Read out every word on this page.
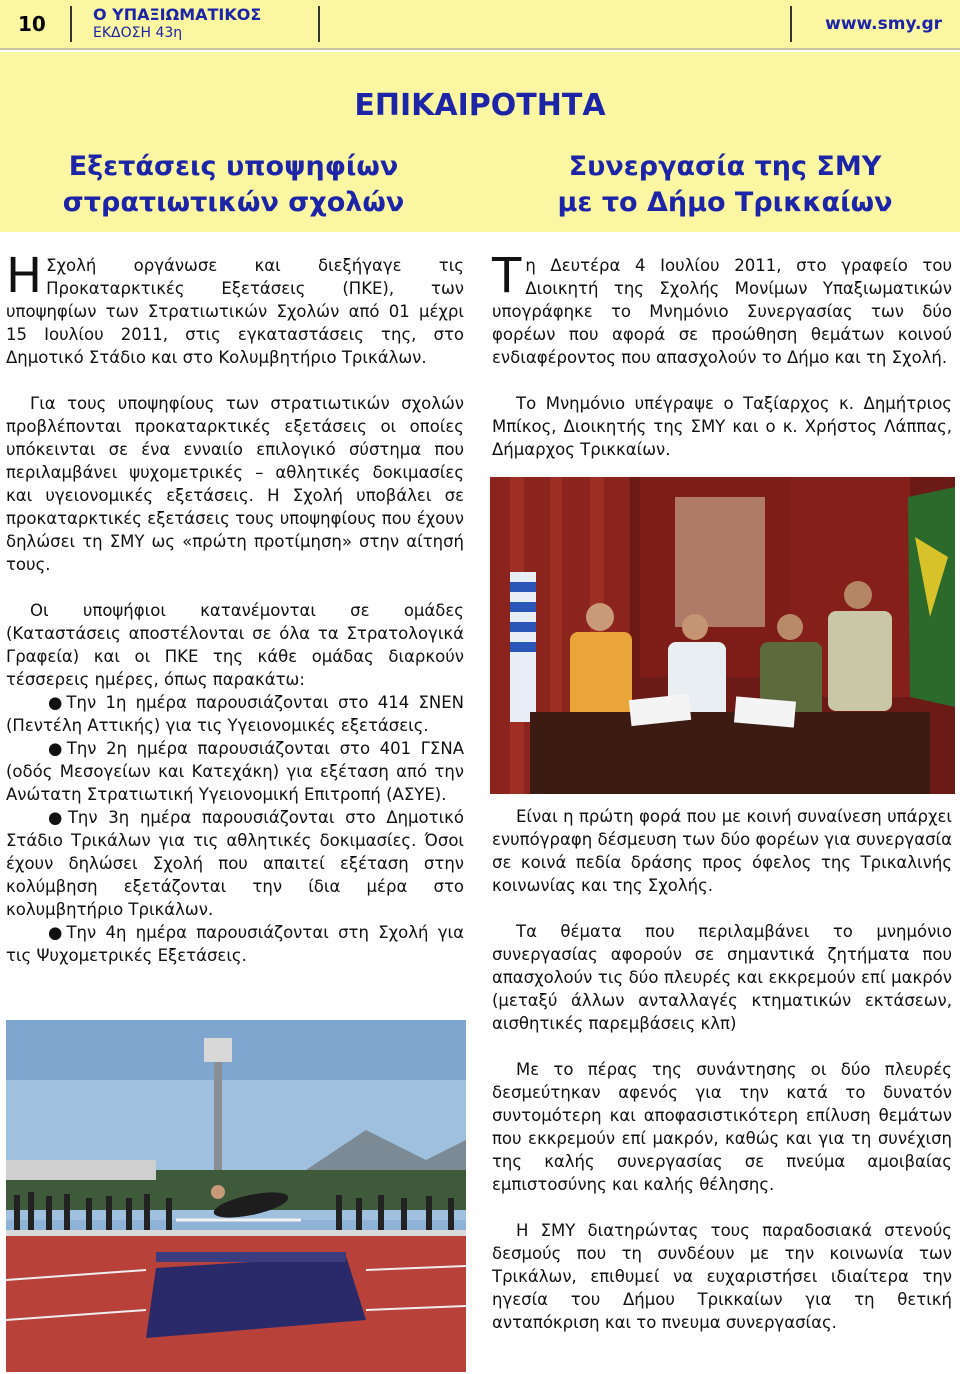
10	Ο ΥΠΑΞΙΩΜΑΤΙΚΟΣ
ΕΚΔΟΣΗ 43η	www.smy.gr
ΕΠΙΚΑΙΡΟΤΗΤΑ
Εξετάσεις υποψηφίων
στρατιωτικών σχολών
Συνεργασία της ΣΜΥ
με το Δήμο Τρικκαίων

Η Σχολή οργάνωσε και διεξήγαγε τις Προκαταρκτικές Εξετάσεις (ΠΚΕ), των υποψηφίων των Στρατιωτικών Σχολών από 01 μέχρι 15 Ιουλίου 2011, στις εγκαταστάσεις της, στο Δημοτικό Στάδιο και στο Κολυμβητήριο Τρικάλων.

Για τους υποψηφίους των στρατιωτικών σχολών προβλέπονται προκαταρκτικές εξετάσεις οι οποίες υπόκεινται σε ένα ενναιίο επιλογικό σύστημα που περιλαμβάνει ψυχομετρικές – αθλητικές δοκιμασίες και υγειονομικές εξετάσεις. Η Σχολή υποβάλει σε προκαταρκτικές εξετάσεις τους υποψηφίους που έχουν δηλώσει τη ΣΜΥ ως «πρώτη προτίμηση» στην αίτησή τους.

Οι υποψήφιοι κατανέμονται σε ομάδες (Καταστάσεις αποστέλονται σε όλα τα Στρατολογικά Γραφεία) και οι ΠΚΕ της κάθε ομάδας διαρκούν τέσσερεις ημέρες, όπως παρακάτω:

●Την 1η ημέρα παρουσιάζονται στο 414 ΣΝΕΝ (Πεντέλη Αττικής) για τις Υγειονομικές εξετάσεις.

●Την 2η ημέρα παρουσιάζονται στο 401 ΓΣΝΑ (οδός Μεσογείων και Κατεχάκη) για εξέταση από την Ανώτατη Στρατιωτική Υγειονομική Επιτροπή (ΑΣΥΕ).

●Την 3η ημέρα παρουσιάζονται στο Δημοτικό Στάδιο Τρικάλων για τις αθλητικές δοκιμασίες. Όσοι έχουν δηλώσει Σχολή που απαιτεί εξέταση στην κολύμβηση εξετάζονται την ίδια μέρα στο κολυμβητήριο Τρικάλων.

●Την 4η ημέρα παρουσιάζονται στη Σχολή για τις Ψυχομετρικές Εξετάσεις.

Τη Δευτέρα 4 Ιουλίου 2011, στο γραφείο του Διοικητή της Σχολής Μονίμων Υπαξιωματικών υπογράφηκε το Μνημόνιο Συνεργασίας των δύο φορέων που αφορά σε προώθηση θεμάτων κοινού ενδιαφέροντος που απασχολούν το Δήμο και τη Σχολή.

Το Μνημόνιο υπέγραψε ο Ταξίαρχος κ. Δημήτριος Μπίκος, Διοικητής της ΣΜΥ και ο κ. Χρήστος Λάππας, Δήμαρχος Τρικκαίων.

Είναι η πρώτη φορά που με κοινή συναίνεση υπάρχει ενυπόγραφη δέσμευση των δύο φορέων για συνεργασία σε κοινά πεδία δράσης προς όφελος της Τρικαλινής κοινωνίας και της Σχολής.

Τα θέματα που περιλαμβάνει το μνημόνιο συνεργασίας αφορούν σε σημαντικά ζητήματα που απασχολούν τις δύο πλευρές και εκκρεμούν επί μακρόν (μεταξύ άλλων ανταλλαγές κτηματικών εκτάσεων, αισθητικές παρεμβάσεις κλπ)

Με το πέρας της συνάντησης οι δύο πλευρές δεσμεύτηκαν αφενός για την κατά το δυνατόν συντομότερη και αποφασιστικότερη επίλυση θεμάτων που εκκρεμούν επί μακρόν, καθώς και για τη συνέχιση της καλής συνεργασίας σε πνεύμα αμοιβαίας εμπιστοσύνης και καλής θέλησης.

Η ΣΜΥ διατηρώντας τους παραδοσιακά στενούς δεσμούς που τη συνδέουν με την κοινωνία των Τρικάλων, επιθυμεί να ευχαριστήσει ιδιαίτερα την ηγεσία του Δήμου Τρικκαίων για τη θετική ανταπόκριση και το πνευμα συνεργασίας.
